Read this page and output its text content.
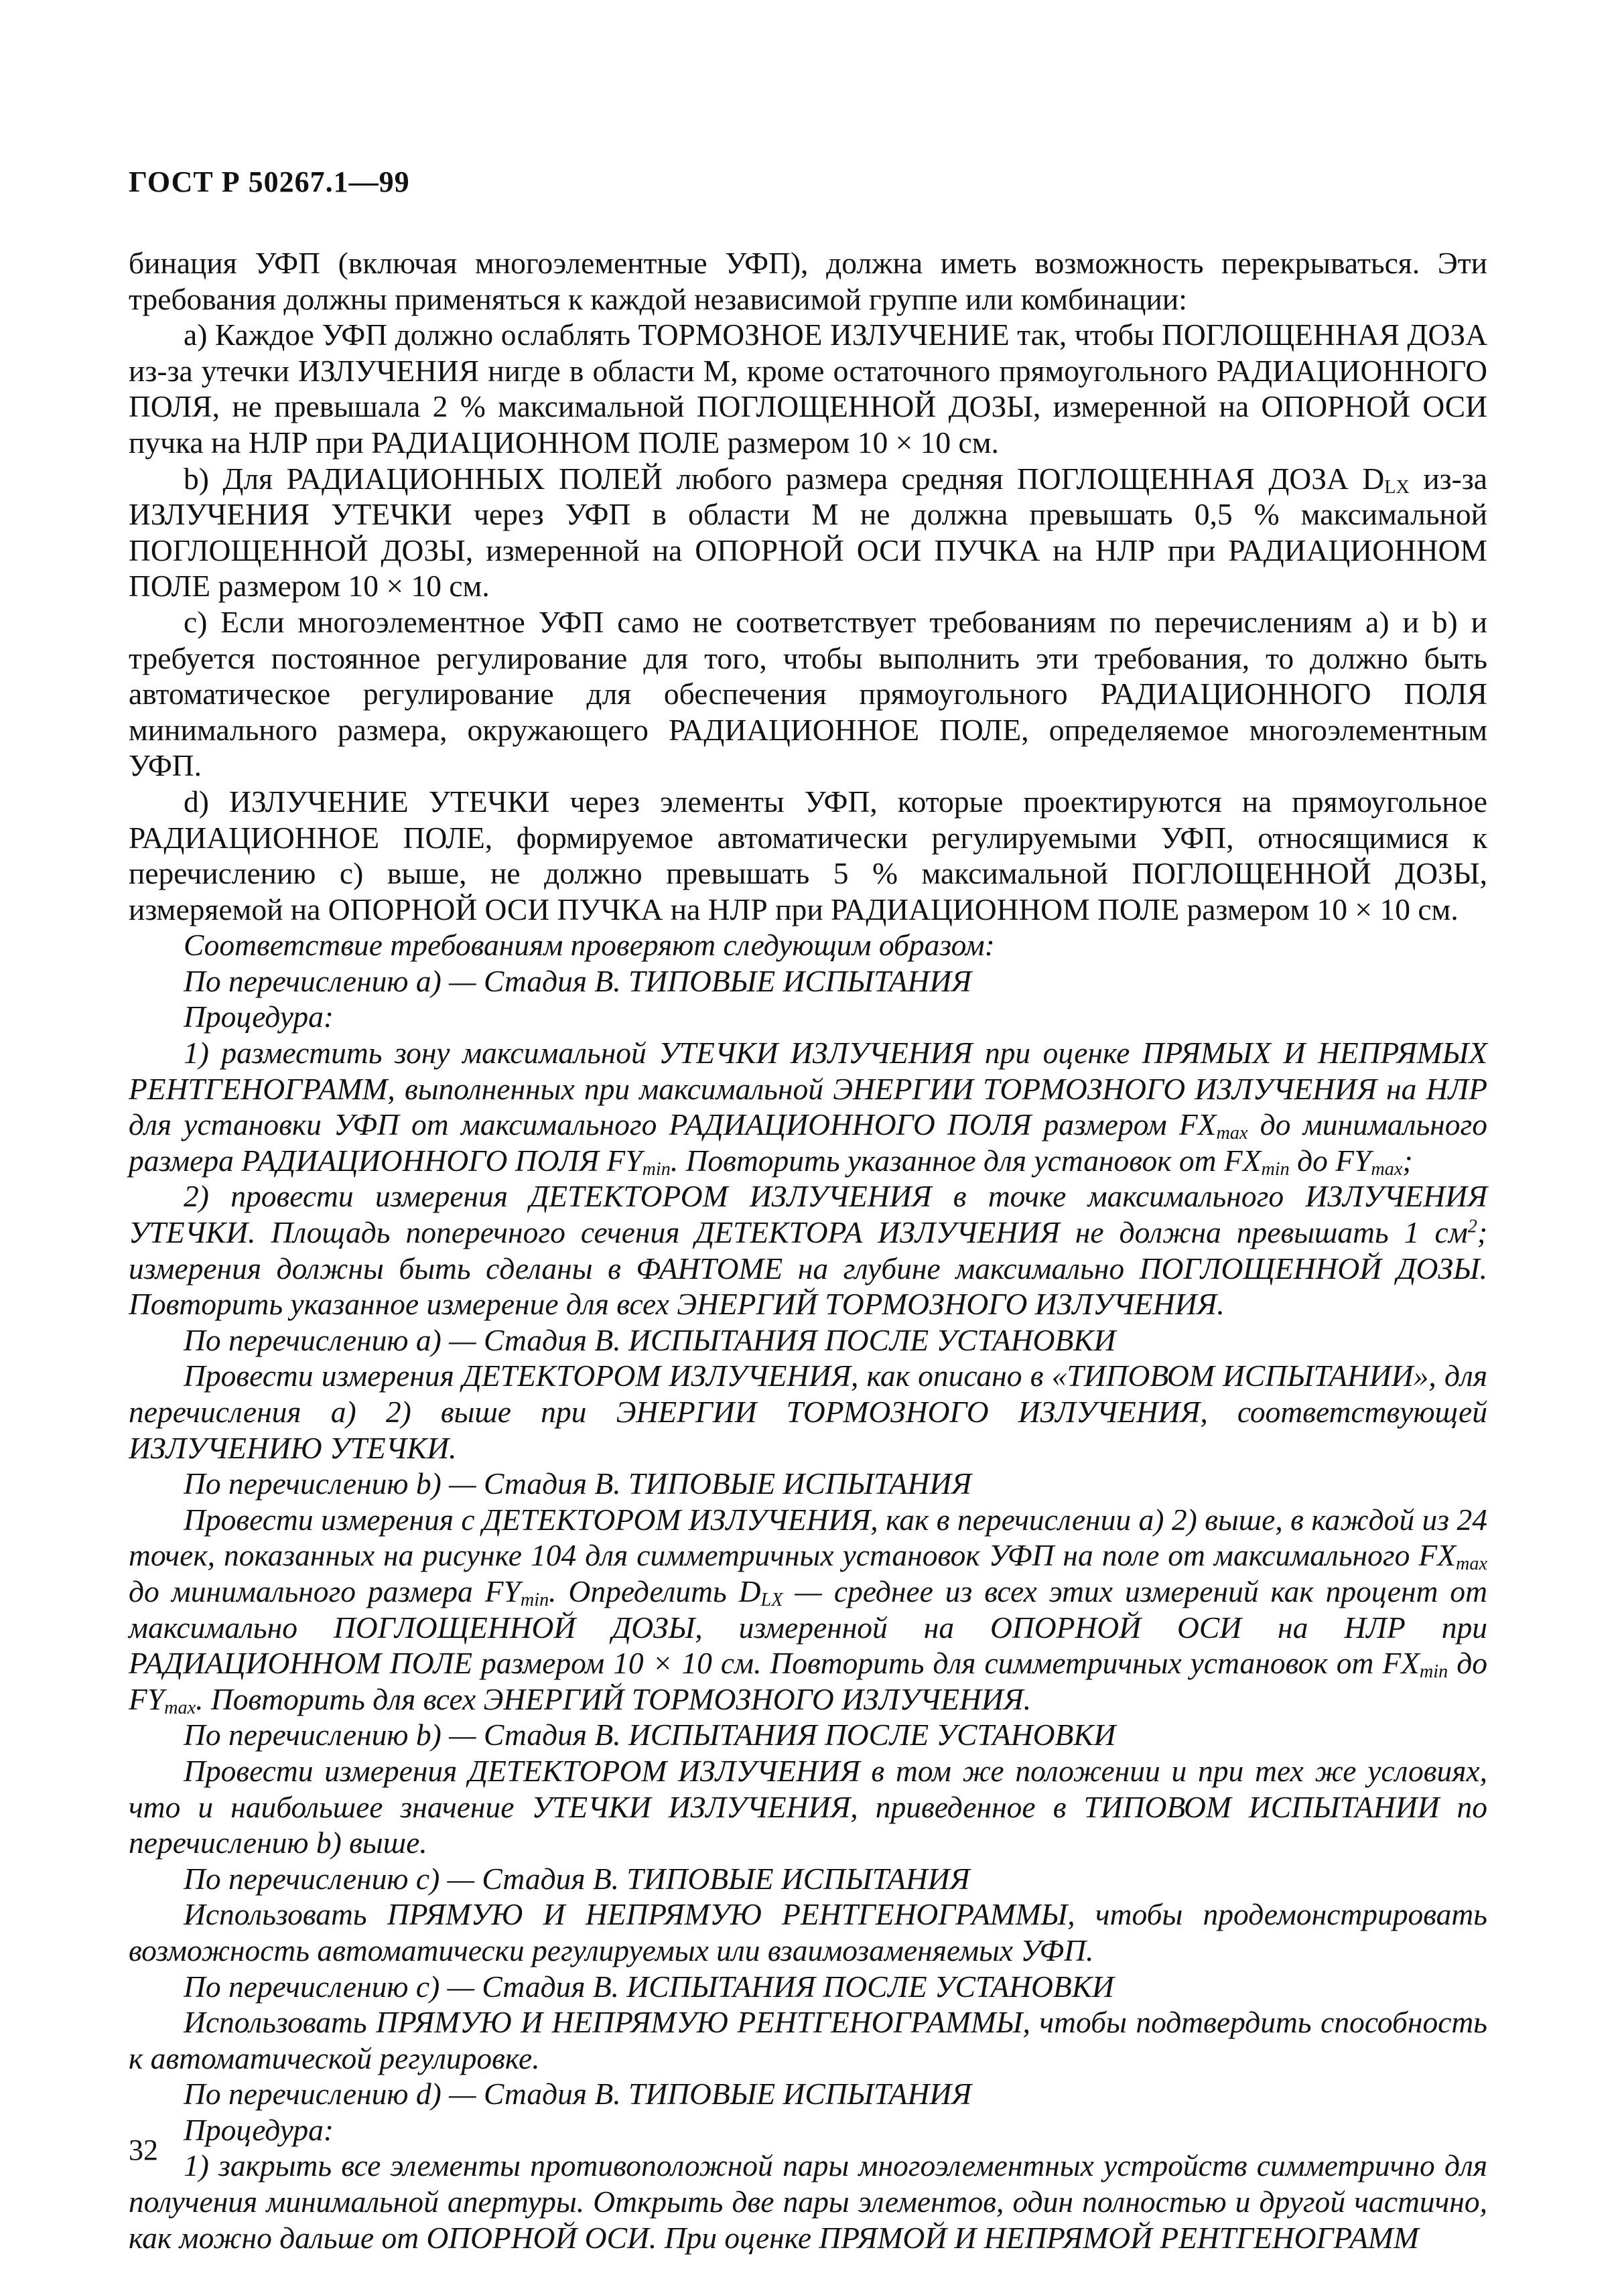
ГОСТ Р 50267.1—99

бинация УФП (включая многоэлементные УФП), должна иметь возможность перекрываться. Эти требования должны применяться к каждой независимой группе или комбинации:

a) Каждое УФП должно ослаблять ТОРМОЗНОЕ ИЗЛУЧЕНИЕ так, чтобы ПОГЛОЩЕННАЯ ДОЗА из-за утечки ИЗЛУЧЕНИЯ нигде в области М, кроме остаточного прямоугольного РАДИАЦИОННОГО ПОЛЯ, не превышала 2 % максимальной ПОГЛОЩЕННОЙ ДОЗЫ, измеренной на ОПОРНОЙ ОСИ пучка на НЛР при РАДИАЦИОННОМ ПОЛЕ размером 10 × 10 см.

b) Для РАДИАЦИОННЫХ ПОЛЕЙ любого размера средняя ПОГЛОЩЕННАЯ ДОЗА $D_{LX}$ из-за ИЗЛУЧЕНИЯ УТЕЧКИ через УФП в области М не должна превышать 0,5 % максимальной ПОГЛОЩЕННОЙ ДОЗЫ, измеренной на ОПОРНОЙ ОСИ ПУЧКА на НЛР при РАДИАЦИОННОМ ПОЛЕ размером 10 × 10 см.

c) Если многоэлементное УФП само не соответствует требованиям по перечислениям a) и b) и требуется постоянное регулирование для того, чтобы выполнить эти требования, то должно быть автоматическое регулирование для обеспечения прямоугольного РАДИАЦИОННОГО ПОЛЯ минимального размера, окружающего РАДИАЦИОННОЕ ПОЛЕ, определяемое многоэлементным УФП.

d) ИЗЛУЧЕНИЕ УТЕЧКИ через элементы УФП, которые проектируются на прямоугольное РАДИАЦИОННОЕ ПОЛЕ, формируемое автоматически регулируемыми УФП, относящимися к перечислению c) выше, не должно превышать 5 % максимальной ПОГЛОЩЕННОЙ ДОЗЫ, измеряемой на ОПОРНОЙ ОСИ ПУЧКА на НЛР при РАДИАЦИОННОМ ПОЛЕ размером 10 × 10 см.

Соответствие требованиям проверяют следующим образом:

По перечислению a) — Стадия В. ТИПОВЫЕ ИСПЫТАНИЯ

Процедура:

1) разместить зону максимальной УТЕЧКИ ИЗЛУЧЕНИЯ при оценке ПРЯМЫХ И НЕПРЯМЫХ РЕНТГЕНОГРАММ, выполненных при максимальной ЭНЕРГИИ ТОРМОЗНОГО ИЗЛУЧЕНИЯ на НЛР для установки УФП от максимального РАДИАЦИОННОГО ПОЛЯ размером $FX_{max}$ до минимального размера РАДИАЦИОННОГО ПОЛЯ $FY_{min}$. Повторить указанное для установок от $FX_{min}$ до $FY_{max}$;

2) провести измерения ДЕТЕКТОРОМ ИЗЛУЧЕНИЯ в точке максимального ИЗЛУЧЕНИЯ УТЕЧКИ. Площадь поперечного сечения ДЕТЕКТОРА ИЗЛУЧЕНИЯ не должна превышать 1 $см^2$; измерения должны быть сделаны в ФАНТОМЕ на глубине максимально ПОГЛОЩЕННОЙ ДОЗЫ. Повторить указанное измерение для всех ЭНЕРГИЙ ТОРМОЗНОГО ИЗЛУЧЕНИЯ.

По перечислению a) — Стадия В. ИСПЫТАНИЯ ПОСЛЕ УСТАНОВКИ

Провести измерения ДЕТЕКТОРОМ ИЗЛУЧЕНИЯ, как описано в «ТИПОВОМ ИСПЫТАНИИ», для перечисления a) 2) выше при ЭНЕРГИИ ТОРМОЗНОГО ИЗЛУЧЕНИЯ, соответствующей ИЗЛУЧЕНИЮ УТЕЧКИ.

По перечислению b) — Стадия В. ТИПОВЫЕ ИСПЫТАНИЯ

Провести измерения с ДЕТЕКТОРОМ ИЗЛУЧЕНИЯ, как в перечислении a) 2) выше, в каждой из 24 точек, показанных на рисунке 104 для симметричных установок УФП на поле от максимального $FX_{max}$ до минимального размера $FY_{min}$. Определить $D_{LX}$ — среднее из всех этих измерений как процент от максимально ПОГЛОЩЕННОЙ ДОЗЫ, измеренной на ОПОРНОЙ ОСИ на НЛР при РАДИАЦИОННОМ ПОЛЕ размером 10 × 10 см. Повторить для симметричных установок от $FX_{min}$ до $FY_{max}$. Повторить для всех ЭНЕРГИЙ ТОРМОЗНОГО ИЗЛУЧЕНИЯ.

По перечислению b) — Стадия В. ИСПЫТАНИЯ ПОСЛЕ УСТАНОВКИ

Провести измерения ДЕТЕКТОРОМ ИЗЛУЧЕНИЯ в том же положении и при тех же условиях, что и наибольшее значение УТЕЧКИ ИЗЛУЧЕНИЯ, приведенное в ТИПОВОМ ИСПЫТАНИИ по перечислению b) выше.

По перечислению c) — Стадия В. ТИПОВЫЕ ИСПЫТАНИЯ

Использовать ПРЯМУЮ И НЕПРЯМУЮ РЕНТГЕНОГРАММЫ, чтобы продемонстрировать возможность автоматически регулируемых или взаимозаменяемых УФП.

По перечислению c) — Стадия В. ИСПЫТАНИЯ ПОСЛЕ УСТАНОВКИ

Использовать ПРЯМУЮ И НЕПРЯМУЮ РЕНТГЕНОГРАММЫ, чтобы подтвердить способность к автоматической регулировке.

По перечислению d) — Стадия В. ТИПОВЫЕ ИСПЫТАНИЯ

Процедура:

1) закрыть все элементы противоположной пары многоэлементных устройств симметрично для получения минимальной апертуры. Открыть две пары элементов, один полностью и другой частично, как можно дальше от ОПОРНОЙ ОСИ. При оценке ПРЯМОЙ И НЕПРЯМОЙ РЕНТГЕНОГРАММ

32
